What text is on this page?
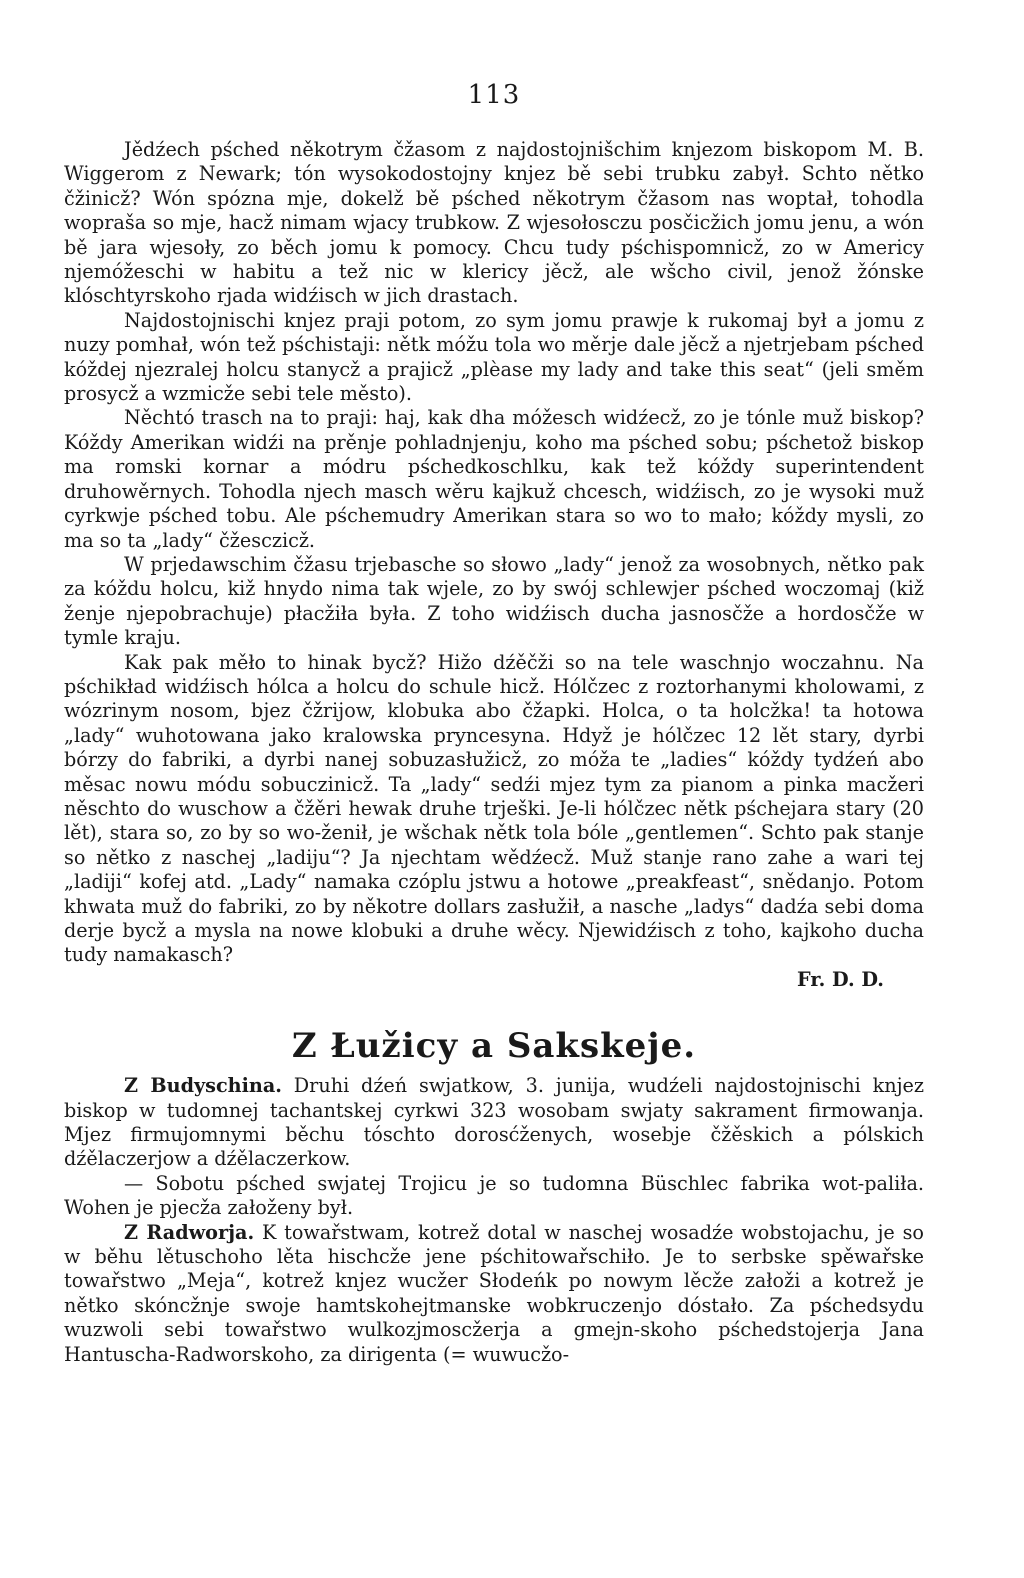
113

Jědźech pśched někotrym čžasom z najdostojnišchim knjezom biskopom M. B. Wiggerom z Newark; tón wysokodostojny knjez bě sebi trubku zabył. Schto nětko čžinicž? Wón spózna mje, dokelž bě pśched někotrym čžasom nas woptał, tohodla wopraša so mje, hacž nimam wjacy trubkow. Z wjesołosczu posčicžich jomu jenu, a wón bě jara wjesoły, zo běch jomu k pomocy. Chcu tudy pśchispomnicž, zo w Americy njemóžeschi w habitu a tež nic w klericy jěcž, ale wšcho civil, jenož žónske klóschtyrskoho rjada widźisch w jich drastach.

Najdostojnischi knjez praji potom, zo sym jomu prawje k rukomaj był a jomu z nuzy pomhał, wón tež pśchistaji: nětk móžu tola wo měrje dale jěcž a njetrjebam pśched kóždej njezralej holcu stanycž a prajicž „plèase my lady and take this seat“ (jeli směm prosycž a wzmicže sebi tele město).

Něchtó trasch na to praji: haj, kak dha móžesch widźecž, zo je tónle muž biskop? Kóždy Amerikan widźi na prěnje pohladnjenju, koho ma pśched sobu; pśchetož biskop ma romski kornar a módru pśchedkoschlku, kak tež kóždy superintendent druhowěrnych. Tohodla njech masch wěru kajkuž chcesch, widźisch, zo je wysoki muž cyrkwje pśched tobu. Ale pśchemudry Amerikan stara so wo to mało; kóždy mysli, zo ma so ta „lady“ čžesczicž.

W prjedawschim čžasu trjebasche so słowo „lady“ jenož za wosobnych, nětko pak za kóždu holcu, kiž hnydo nima tak wjele, zo by swój schlewjer pśched woczomaj (kiž ženje njepobrachuje) płacžiła była. Z toho widźisch ducha jasnosčže a hordosčže w tymle kraju.

Kak pak měło to hinak bycž? Hižo dźěčži so na tele waschnjo woczahnu. Na pśchikład widźisch hólca a holcu do schule hicž. Hólčzec z roztorhanymi kholowami, z wózrinym nosom, bjez čžrijow, klobuka abo čžapki. Holca, o ta holcžka! ta hotowa „lady“ wuhotowana jako kralowska pryncesyna. Hdyž je hólčzec 12 lět stary, dyrbi bórzy do fabriki, a dyrbi nanej sobuzasłužicž, zo móža te „ladies“ kóždy tydźeń abo měsac nowu módu sobuczinicž. Ta „lady“ sedźi mjez tym za pianom a pinka macžeri něschto do wuschow a čžěri hewak druhe trješki. Je-li hólčzec nětk pśchejara stary (20 lět), stara so, zo by so wo-ženił, je wšchak nětk tola bóle „gentlemen“. Schto pak stanje so nětko z naschej „ladiju“? Ja njechtam wědźecž. Muž stanje rano zahe a wari tej „ladiji“ kofej atd. „Lady“ namaka czóplu jstwu a hotowe „preakfeast“, snědanjo. Potom khwata muž do fabriki, zo by někotre dollars zasłužił, a nasche „ladys“ dadźa sebi doma derje bycž a mysla na nowe klobuki a druhe wěcy. Njewidźisch z toho, kajkoho ducha tudy namakasch?

Fr. D. D.
Z Łužicy a Sakskeje.

Z Budyschina. Druhi dźeń swjatkow, 3. junija, wudźeli najdostojnischi knjez biskop w tudomnej tachantskej cyrkwi 323 wosobam swjaty sakrament firmowanja. Mjez firmujomnymi běchu tóschto dorosćženych, wosebje čžěskich a pólskich dźělaczerjow a dźělaczerkow.

— Sobotu pśched swjatej Trojicu je so tudomna Büschlec fabrika wot-paliła. Wohen je pjecža załoženy był.

Z Radworja. K towařstwam, kotrež dotal w naschej wosadźe wobstojachu, je so w běhu lětuschoho lěta hischcže jene pśchitowařschiło. Je to serbske spěwařske towařstwo „Meja“, kotrež knjez wucžer Słodeńk po nowym lěcže załoži a kotrež je nětko skóncžnje swoje hamtskohejtmanske wobkruczenjo dóstało. Za pśchedsydu wuzwoli sebi towařstwo wulkozjmoscžerja a gmejn-skoho pśchedstojerja Jana Hantuscha-Radworskoho, za dirigenta (= wuwucžo-
